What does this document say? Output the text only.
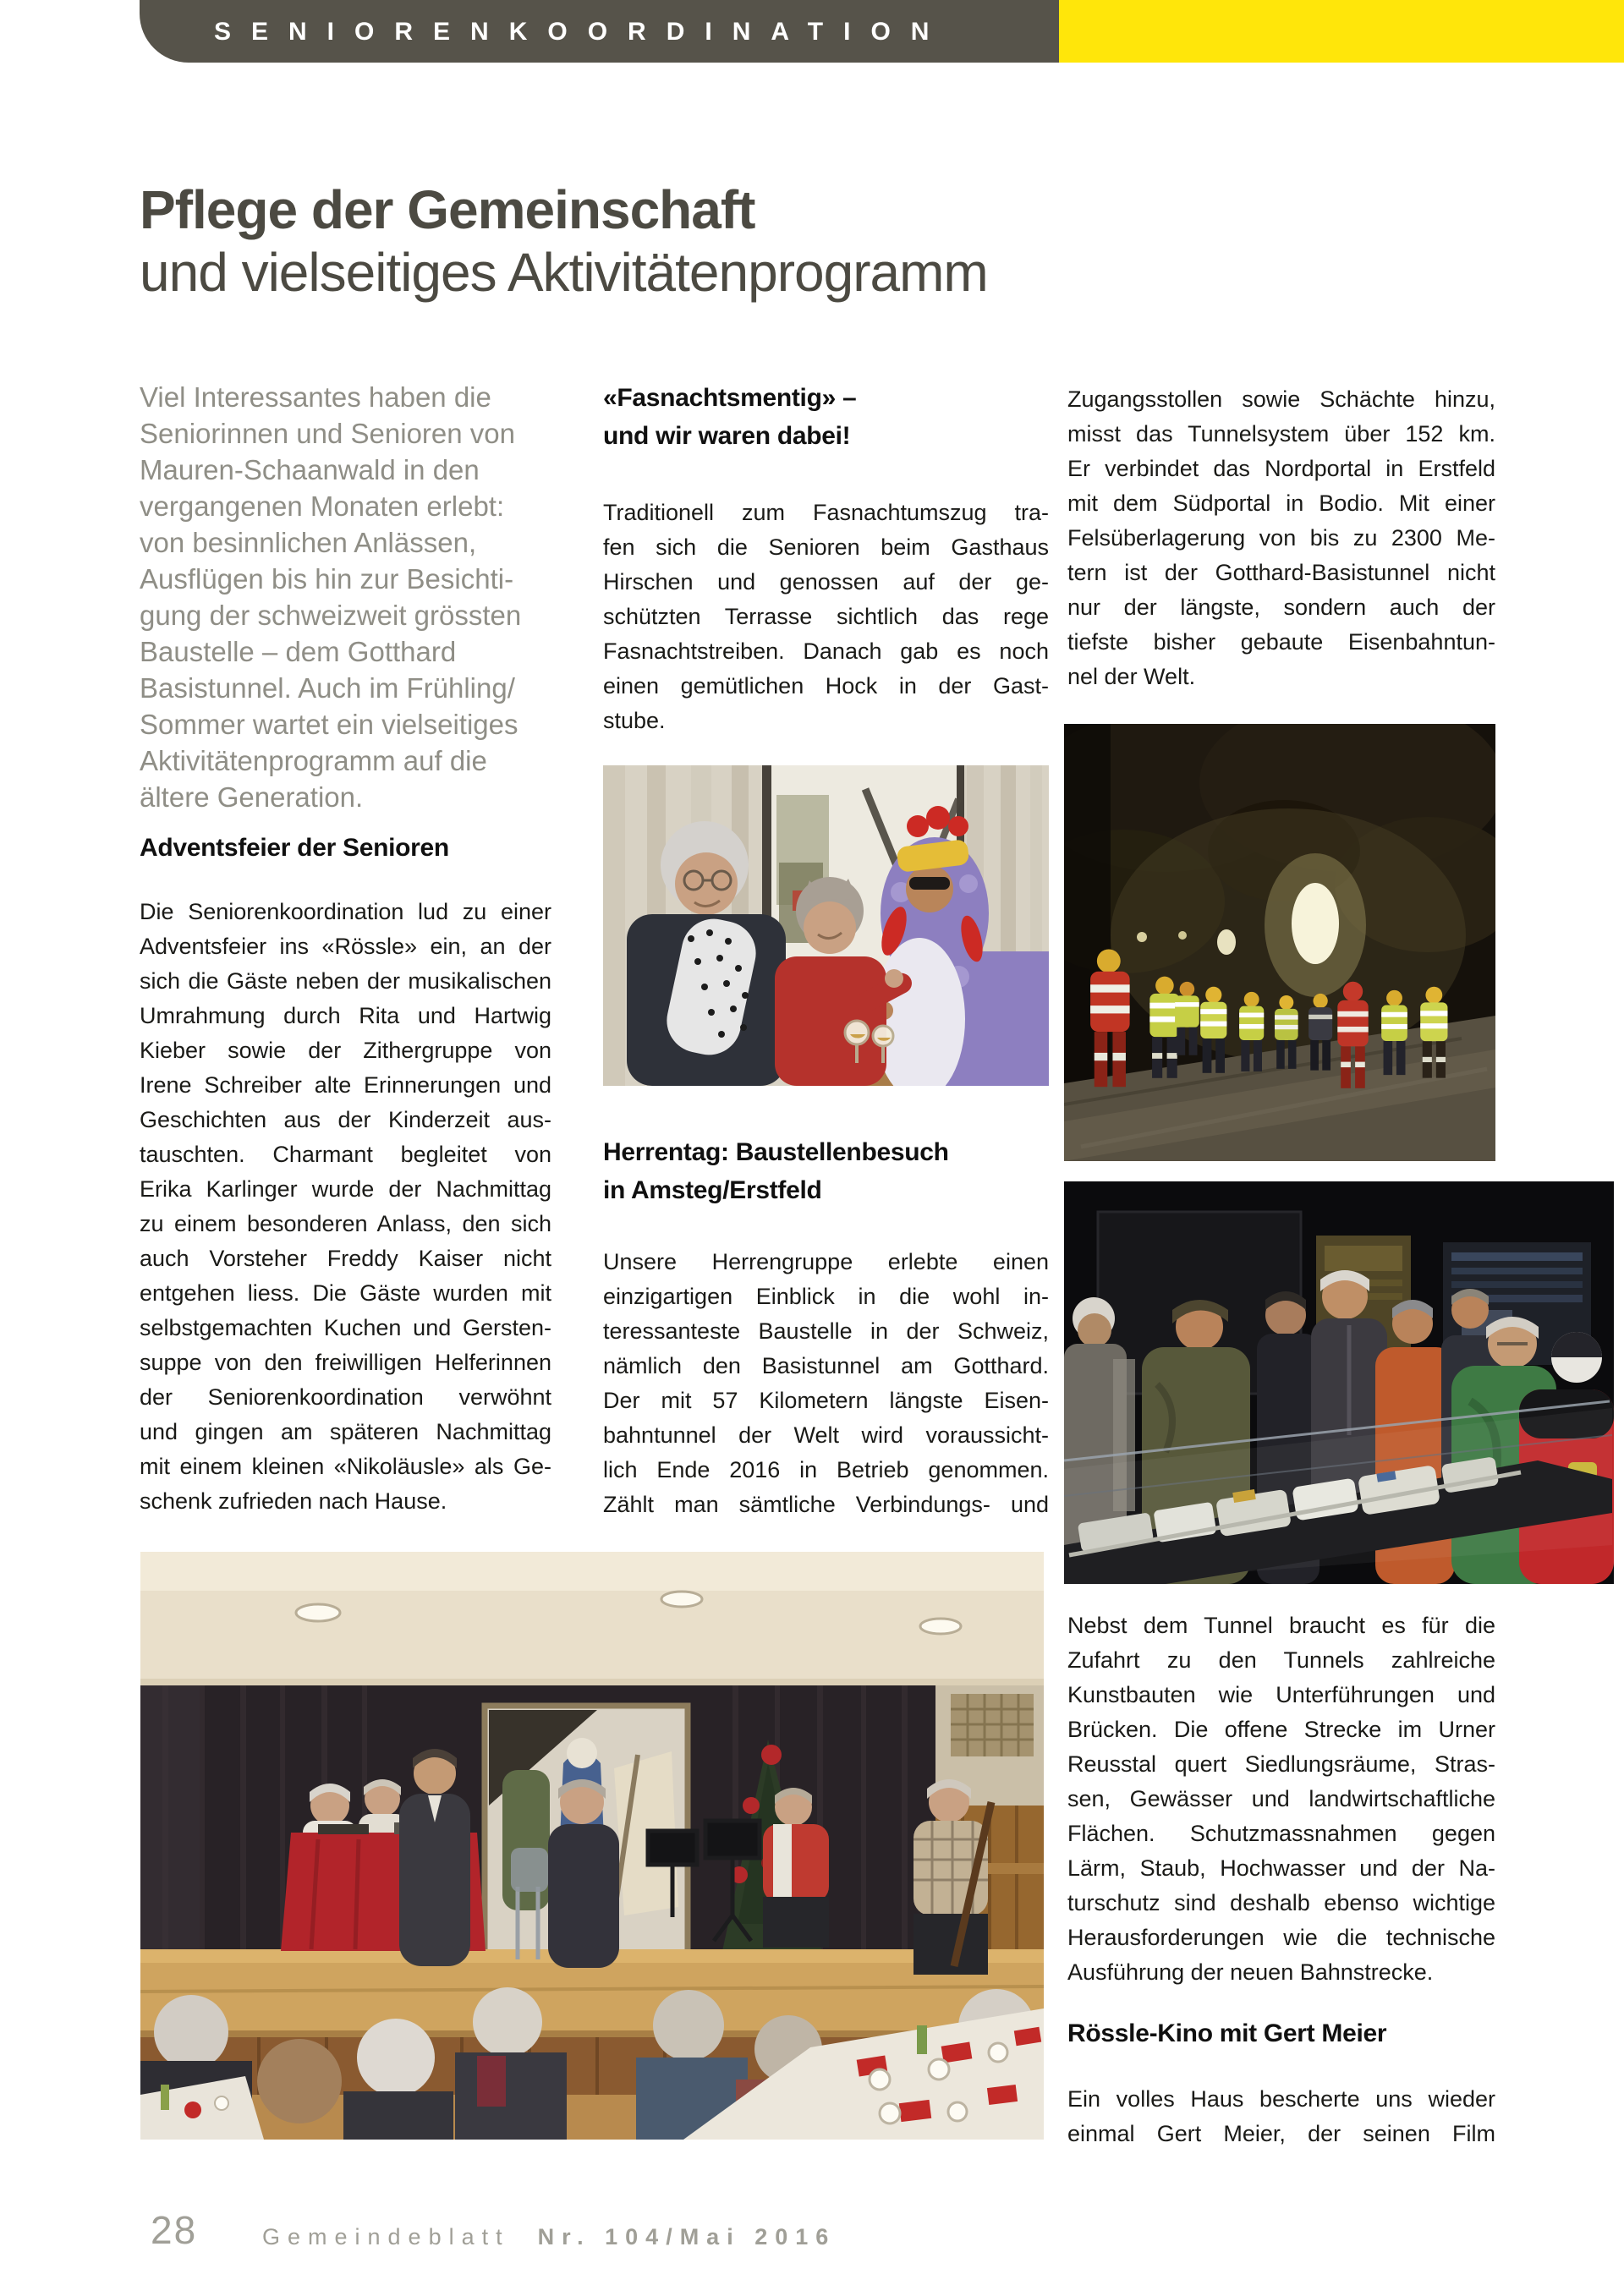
SENIORENKOORDINATION
Pflege der Gemeinschaft
und vielseitiges Aktivitätenprogramm
Viel Interessantes haben die
Seniorinnen und Senioren von
Mauren-Schaanwald in den
vergangenen Monaten erlebt:
von besinnlichen Anlässen,
Ausflügen bis hin zur Besichti-
gung der schweizweit grössten
Baustelle – dem Gotthard
Basistunnel. Auch im Frühling/
Sommer wartet ein vielseitiges
Aktivitätenprogramm auf die
ältere Generation.
Adventsfeier der Senioren
Die Seniorenkoordination lud zu einer
Adventsfeier ins «Rössle» ein, an der
sich die Gäste neben der musikalischen
Umrahmung durch Rita und Hartwig
Kieber sowie der Zithergruppe von
Irene Schreiber alte Erinnerungen und
Geschichten aus der Kinderzeit aus-
tauschten. Charmant begleitet von
Erika Karlinger wurde der Nachmittag
zu einem besonderen Anlass, den sich
auch Vorsteher Freddy Kaiser nicht
entgehen liess. Die Gäste wurden mit
selbstgemachten Kuchen und Gersten-
suppe von den freiwilligen Helferinnen
der Seniorenkoordination verwöhnt
und gingen am späteren Nachmittag
mit einem kleinen «Nikoläusle» als Ge-
schenk zufrieden nach Hause.
«Fasnachtsmentig» –
und wir waren dabei!
Traditionell zum Fasnachtumszug tra-
fen sich die Senioren beim Gasthaus
Hirschen und genossen auf der ge-
schützten Terrasse sichtlich das rege
Fasnachtstreiben. Danach gab es noch
einen gemütlichen Hock in der Gast-
stube.
Herrentag: Baustellenbesuch
in Amsteg/Erstfeld
Unsere Herrengruppe erlebte einen
einzigartigen Einblick in die wohl in-
teressanteste Baustelle in der Schweiz,
nämlich den Basistunnel am Gotthard.
Der mit 57 Kilometern längste Eisen-
bahntunnel der Welt wird voraussicht-
lich Ende 2016 in Betrieb genommen.
Zählt man sämtliche Verbindungs- und
Zugangsstollen sowie Schächte hinzu,
misst das Tunnelsystem über 152 km.
Er verbindet das Nordportal in Erstfeld
mit dem Südportal in Bodio. Mit einer
Felsüberlagerung von bis zu 2300 Me-
tern ist der Gotthard-Basistunnel nicht
nur der längste, sondern auch der
tiefste bisher gebaute Eisenbahntun-
nel der Welt.
Nebst dem Tunnel braucht es für die
Zufahrt zu den Tunnels zahlreiche
Kunstbauten wie Unterführungen und
Brücken. Die offene Strecke im Urner
Reusstal quert Siedlungsräume, Stras-
sen, Gewässer und landwirtschaftliche
Flächen. Schutzmassnahmen gegen
Lärm, Staub, Hochwasser und der Na-
turschutz sind deshalb ebenso wichtige
Herausforderungen wie die technische
Ausführung der neuen Bahnstrecke.
Rössle-Kino mit Gert Meier
Ein volles Haus bescherte uns wieder
einmal Gert Meier, der seinen Film
28	Gemeindeblatt Nr. 104/Mai 2016
